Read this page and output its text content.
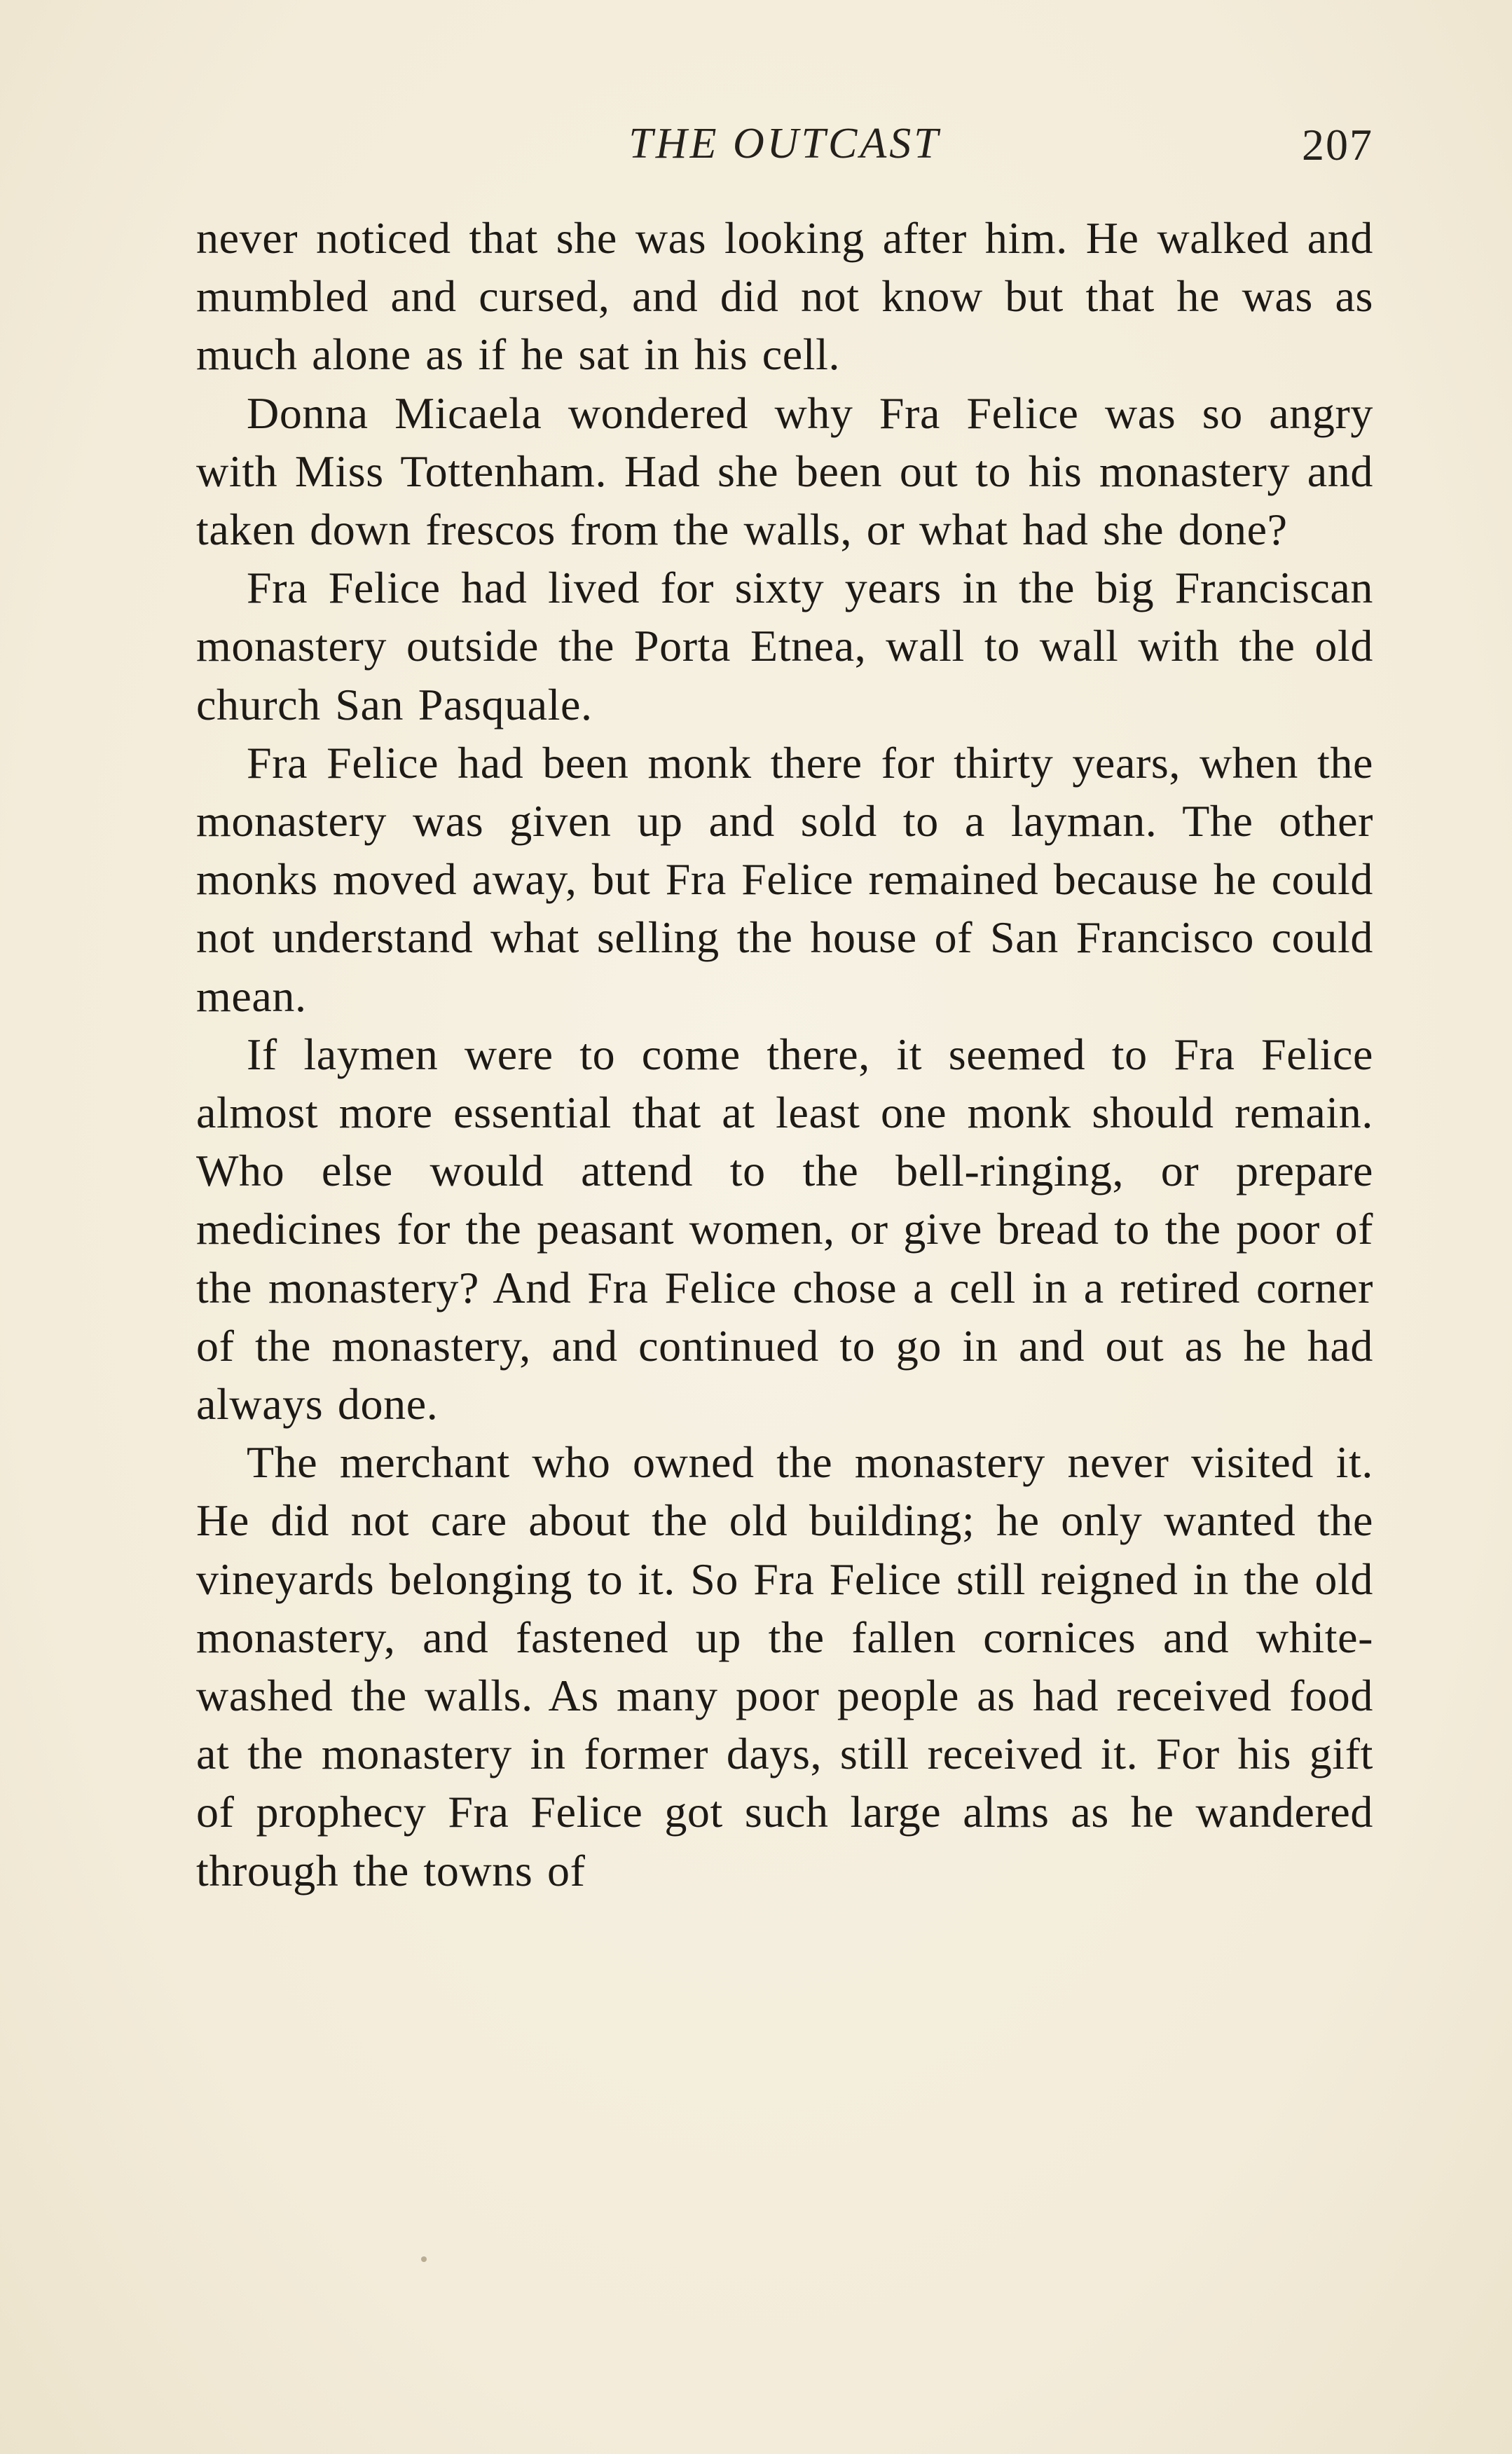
THE OUTCAST	207

never noticed that she was looking after him. He walked and mumbled and cursed, and did not know but that he was as much alone as if he sat in his cell.

Donna Micaela wondered why Fra Felice was so angry with Miss Tottenham. Had she been out to his monastery and taken down frescos from the walls, or what had she done?

Fra Felice had lived for sixty years in the big Franciscan monastery outside the Porta Etnea, wall to wall with the old church San Pasquale.

Fra Felice had been monk there for thirty years, when the monastery was given up and sold to a layman. The other monks moved away, but Fra Felice remained because he could not understand what selling the house of San Francisco could mean.

If laymen were to come there, it seemed to Fra Felice almost more essential that at least one monk should remain. Who else would attend to the bell-ringing, or prepare medicines for the peasant women, or give bread to the poor of the monastery? And Fra Felice chose a cell in a retired corner of the monastery, and continued to go in and out as he had always done.

The merchant who owned the monastery never visited it. He did not care about the old building; he only wanted the vineyards belonging to it. So Fra Felice still reigned in the old monastery, and fastened up the fallen cornices and white-washed the walls. As many poor people as had received food at the monastery in former days, still received it. For his gift of prophecy Fra Felice got such large alms as he wandered through the towns of
